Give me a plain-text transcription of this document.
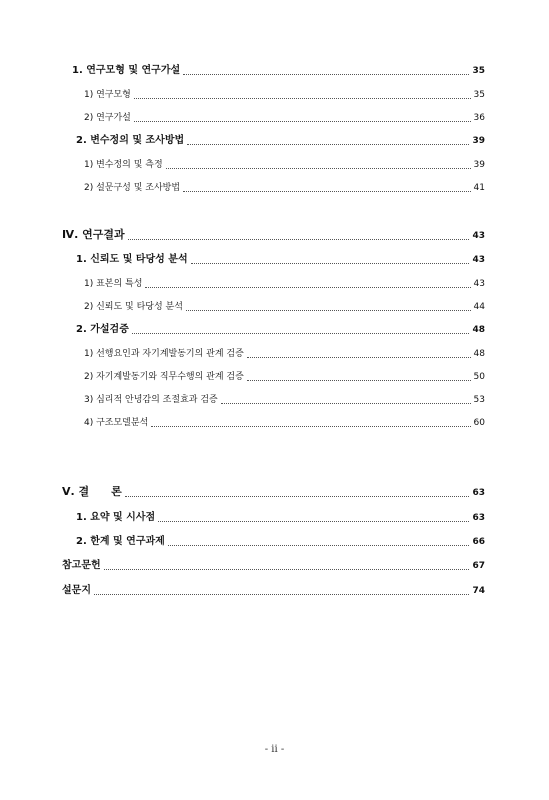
1. 연구모형 및 연구가설	35
1) 연구모형	35
2) 연구가설	36
2. 변수정의 및 조사방법	39
1) 변수정의 및 측정	39
2) 설문구성 및 조사방법	41
Ⅳ. 연구결과	43
1. 신뢰도 및 타당성 분석	43
1) 표본의 특성	43
2) 신뢰도 및 타당성 분석	44
2. 가설검증	48
1) 선행요인과 자기계발동기의 관계 검증	48
2) 자기계발동기와 직무수행의 관계 검증	50
3) 심리적 안녕감의 조절효과 검증	53
4) 구조모델분석	60
Ⅴ. 결　　론	63
1. 요약 및 시사점	63
2. 한계 및 연구과제	66
참고문헌	67
설문지	74
- ii -
